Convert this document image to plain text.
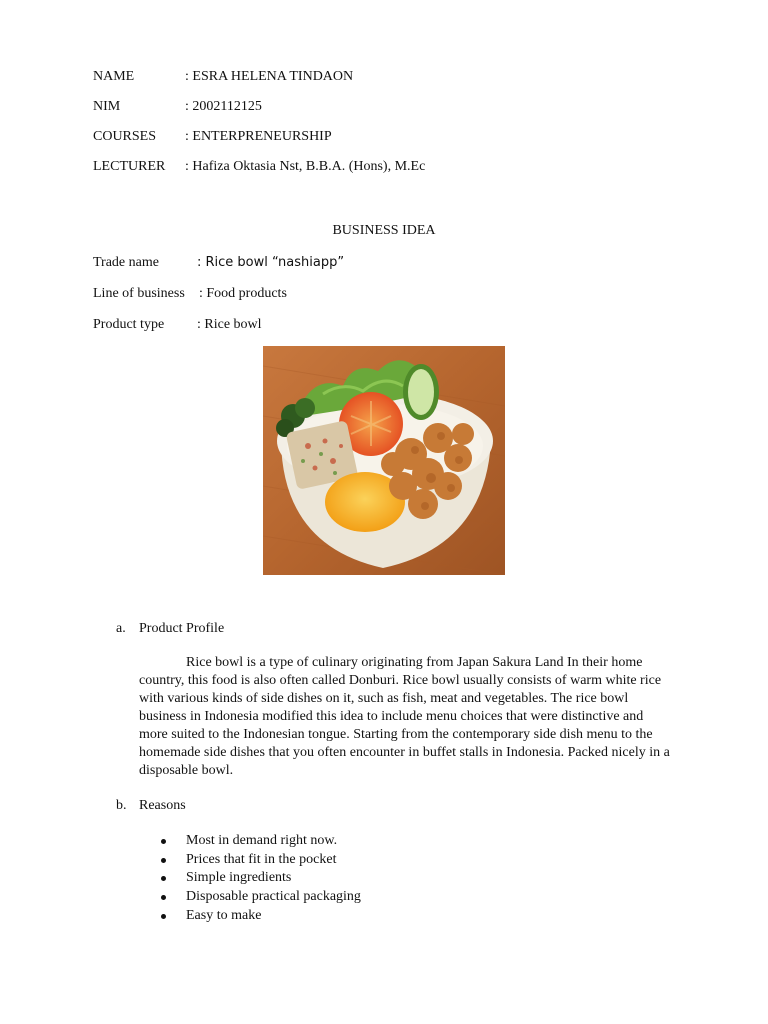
NAME	: ESRA HELENA TINDAON
NIM	: 2002112125
COURSES : ENTERPRENEURSHIP
LECTURER : Hafiza Oktasia Nst, B.B.A. (Hons), M.Ec
BUSINESS IDEA
Trade name	: Rice bowl “nashiapp”
Line of business : Food products
Product type : Rice bowl
a. Product Profile
Rice bowl is a type of culinary originating from Japan Sakura Land In their home country, this food is also often called Donburi. Rice bowl usually consists of warm white rice with various kinds of side dishes on it, such as fish, meat and vegetables. The rice bowl business in Indonesia modified this idea to include menu choices that were distinctive and more suited to the Indonesian tongue. Starting from the contemporary side dish menu to the homemade side dishes that you often encounter in buffet stalls in Indonesia. Packed nicely in a disposable bowl.
b. Reasons
Most in demand right now.
Prices that fit in the pocket
Simple ingredients
Disposable practical packaging
Easy to make
